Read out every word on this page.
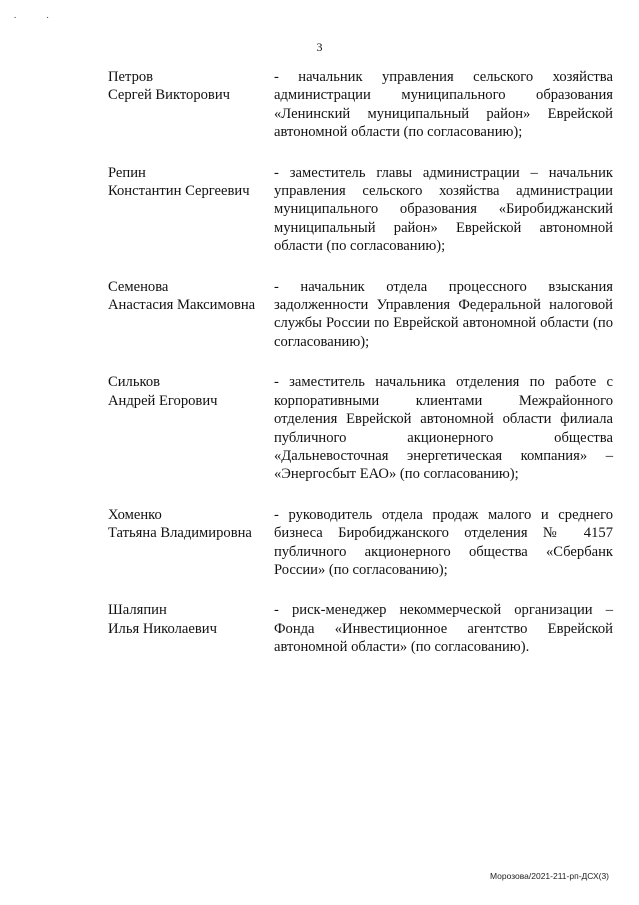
. .
3
Петров
Сергей Викторович
- начальник управления сельского хозяйства администрации муниципального образования «Ленинский муниципальный район» Еврейской автономной области (по согласованию);
Репин
Константин Сергеевич
- заместитель главы администрации – начальник управления сельского хозяйства администрации муниципального образования «Биробиджанский муниципальный район» Еврейской автономной области (по согласованию);
Семенова
Анастасия Максимовна
- начальник отдела процессного взыскания задолженности Управления Федеральной налоговой службы России по Еврейской автономной области (по согласованию);
Сильков
Андрей Егорович
- заместитель начальника отделения по работе с корпоративными клиентами Межрайонного отделения Еврейской автономной области филиала публичного акционерного общества «Дальневосточная энергетическая компания» – «Энергосбыт ЕАО» (по согласованию);
Хоменко
Татьяна Владимировна
- руководитель отдела продаж малого и среднего бизнеса Биробиджанского отделения № 4157 публичного акционерного общества «Сбербанк России» (по согласованию);
Шаляпин
Илья Николаевич
- риск-менеджер некоммерческой организации – Фонда «Инвестиционное агентство Еврейской автономной области» (по согласованию).
Морозова/2021-211-рп-ДСХ(3)
